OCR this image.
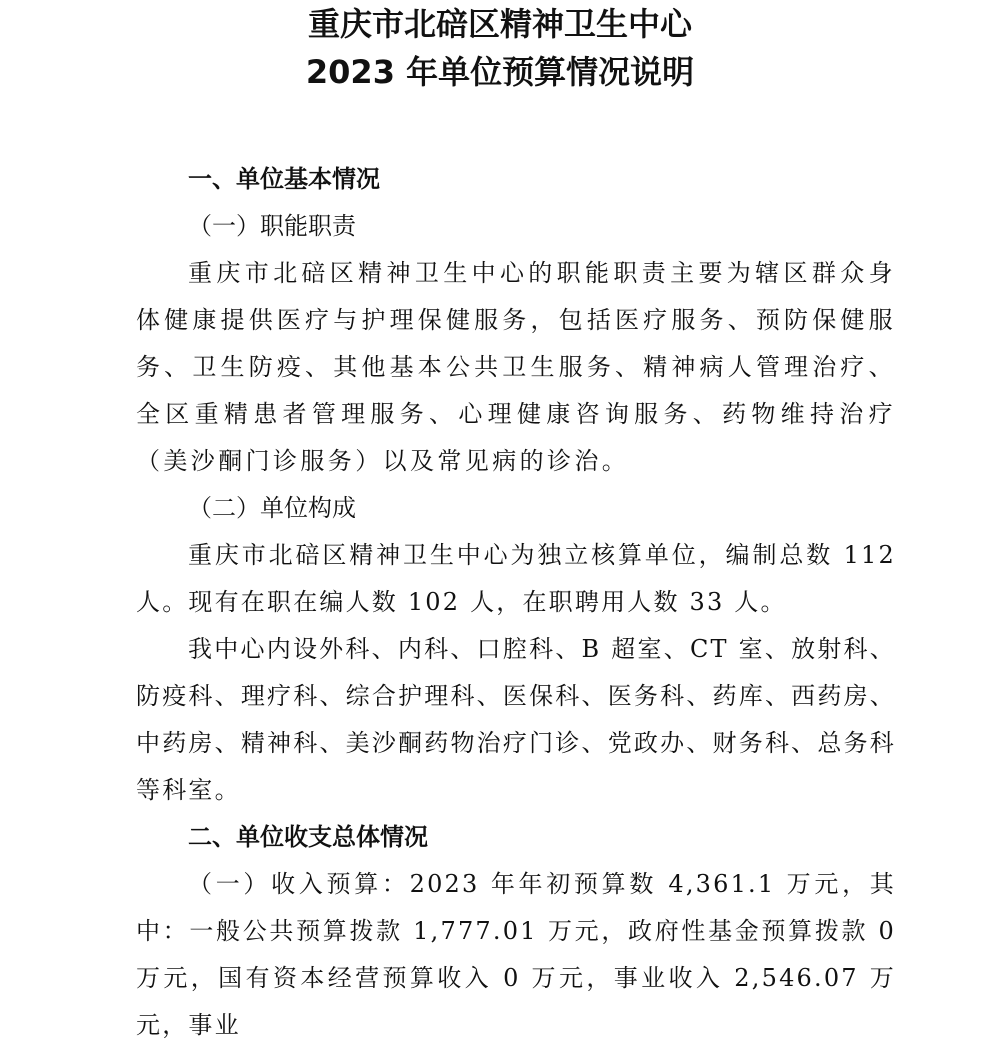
重庆市北碚区精神卫生中心
2023 年单位预算情况说明

一、单位基本情况

（一）职能职责

重庆市北碚区精神卫生中心的职能职责主要为辖区群众身体健康提供医疗与护理保健服务，包括医疗服务、预防保健服务、卫生防疫、其他基本公共卫生服务、精神病人管理治疗、全区重精患者管理服务、心理健康咨询服务、药物维持治疗（美沙酮门诊服务）以及常见病的诊治。

（二）单位构成

重庆市北碚区精神卫生中心为独立核算单位，编制总数 112 人。现有在职在编人数 102 人，在职聘用人数 33 人。

我中心内设外科、内科、口腔科、B 超室、CT 室、放射科、防疫科、理疗科、综合护理科、医保科、医务科、药库、西药房、中药房、精神科、美沙酮药物治疗门诊、党政办、财务科、总务科等科室。

二、单位收支总体情况

（一）收入预算：2023 年年初预算数 4,361.1 万元，其中：一般公共预算拨款 1,777.01 万元，政府性基金预算拨款 0 万元，国有资本经营预算收入 0 万元，事业收入 2,546.07 万元，事业
